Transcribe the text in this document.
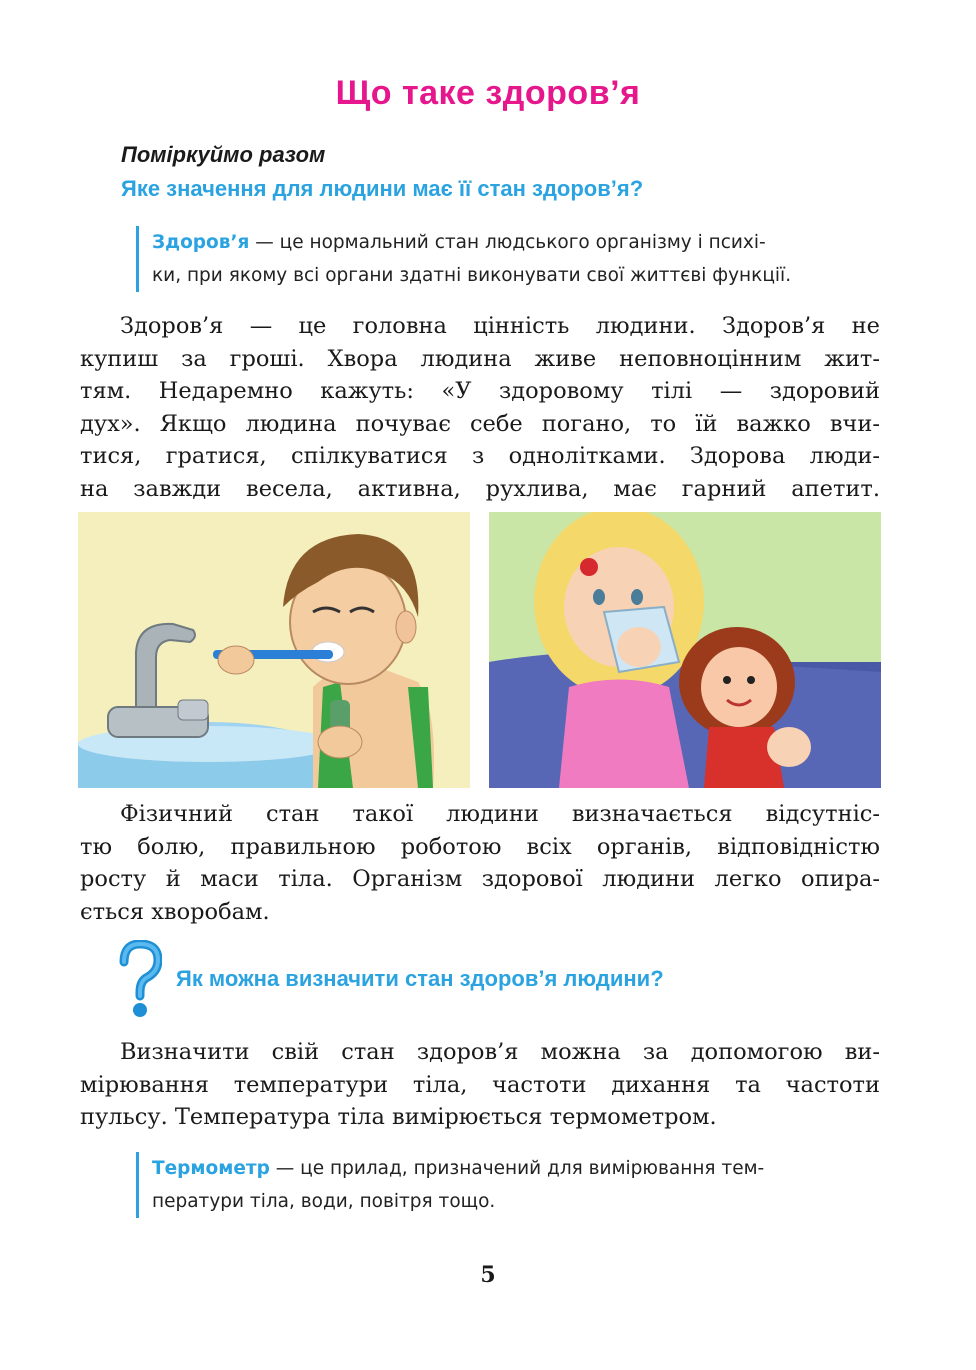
Що таке здоров’я

Поміркуймо разом

Яке значення для людини має її стан здоров’я?

Здоров’я — це нормальний стан людського організму і психі-
ки, при якому всі органи здатні виконувати свої життєві функції.
Здоров’я — це головна цінність людини. Здоров’я не
купиш за гроші. Хвора людина живе неповноцінним жит-
тям. Недаремно кажуть: «У здоровому тілі — здоровий
дух». Якщо людина почуває себе погано, то їй важко вчи-
тися, гратися, спілкуватися з однолітками. Здорова люди-
на завжди весела, активна, рухлива, має гарний апетит.
Фізичний стан такої людини визначається відсутніс-
тю болю, правильною роботою всіх органів, відповідністю
росту й маси тіла. Організм здорової людини легко опира-
ється хворобам.

Як можна визначити стан здоров’я людини?

Визначити свій стан здоров’я можна за допомогою ви-
мірювання температури тіла, частоти дихання та частоти
пульсу. Температура тіла вимірюється термометром.
Термометр — це прилад, призначений для вимірювання тем-
ператури тіла, води, повітря тощо.
5
